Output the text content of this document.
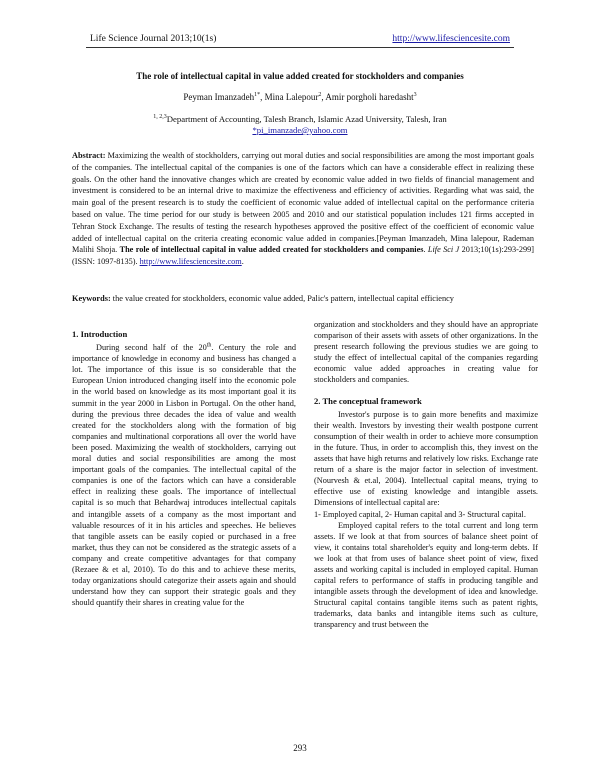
Life Science Journal 2013;10(1s)	http://www.lifesciencesite.com
The role of intellectual capital in value added created for stockholders and companies
Peyman Imanzadeh$^{1*}$, Mina Lalepour$^2$, Amir porgholi haredasht$^3$
$^{1, 2,3}$Department of Accounting, Talesh Branch, Islamic Azad University, Talesh, Iran
*pi_imanzade@yahoo.com
Abstract: Maximizing the wealth of stockholders, carrying out moral duties and social responsibilities are among the most important goals of the companies. The intellectual capital of the companies is one of the factors which can have a considerable effect in realizing these goals. On the other hand the innovative changes which are created by economic value added in two fields of financial management and investment is considered to be an internal drive to maximize the effectiveness and efficiency of activities. Regarding what was said, the main goal of the present research is to study the coefficient of economic value added of intellectual capital on the performance criteria based on value. The time period for our study is between 2005 and 2010 and our statistical population includes 121 firms accepted in Tehran Stock Exchange. The results of testing the research hypotheses approved the positive effect of the coefficient of economic value added of intellectual capital on the criteria creating economic value added in companies.[Peyman Imanzadeh, Mina lalepour, Rademan Malihi Shoja. The role of intellectual capital in value added created for stockholders and companies. Life Sci J 2013;10(1s):293-299] (ISSN: 1097-8135). http://www.lifesciencesite.com.
Keywords: the value created for stockholders, economic value added, Palic's pattern, intellectual capital efficiency
1. Introduction

During second half of the 20th. Century the role and importance of knowledge in economy and business has changed a lot. The importance of this issue is so considerable that the European Union introduced changing itself into the economic pole in the world based on knowledge as its most important goal it its summit in the year 2000 in Lisbon in Portugal. On the other hand, during the previous three decades the idea of value and wealth created for the stockholders along with the formation of big companies and multinational corporations all over the world have been posed. Maximizing the wealth of stockholders, carrying out moral duties and social responsibilities are among the most important goals of the companies. The intellectual capital of the companies is one of the factors which can have a considerable effect in realizing these goals. The importance of intellectual capital is so much that Behardwaj introduces intellectual capitals and intangible assets of a company as the most important and valuable resources of it in his articles and speeches. He believes that tangible assets can be easily copied or purchased in a free market, thus they can not be considered as the strategic assets of a company and create competitive advantages for that company (Rezaee & et al, 2010). To do this and to achieve these merits, today organizations should categorize their assets again and should understand how they can support their strategic goals and they should quantify their shares in creating value for the

organization and stockholders and they should have an appropriate comparison of their assets with assets of other organizations. In the present research following the previous studies we are going to study the effect of intellectual capital of the companies regarding economic value added approaches in creating value for stockholders and companies.

2. The conceptual framework

Investor's purpose is to gain more benefits and maximize their wealth. Investors by investing their wealth postpone current consumption of their wealth in order to achieve more consumption in the future. Thus, in order to accomplish this, they invest on the assets that have high returns and relatively low risks. Exchange rate return of a share is the major factor in selection of investment. (Nourvesh & et.al, 2004). Intellectual capital means, trying to effective use of existing knowledge and intangible assets. Dimensions of intellectual capital are:

1- Employed capital, 2- Human capital and 3- Structural capital.

Employed capital refers to the total current and long term assets. If we look at that from sources of balance sheet point of view, it contains total shareholder's equity and long-term debts. If we look at that from uses of balance sheet point of view, fixed assets and working capital is included in employed capital. Human capital refers to performance of staffs in producing tangible and intangible assets through the development of idea and knowledge. Structural capital contains tangible items such as patent rights, trademarks, data banks and intangible items such as culture, transparency and trust between the

293
